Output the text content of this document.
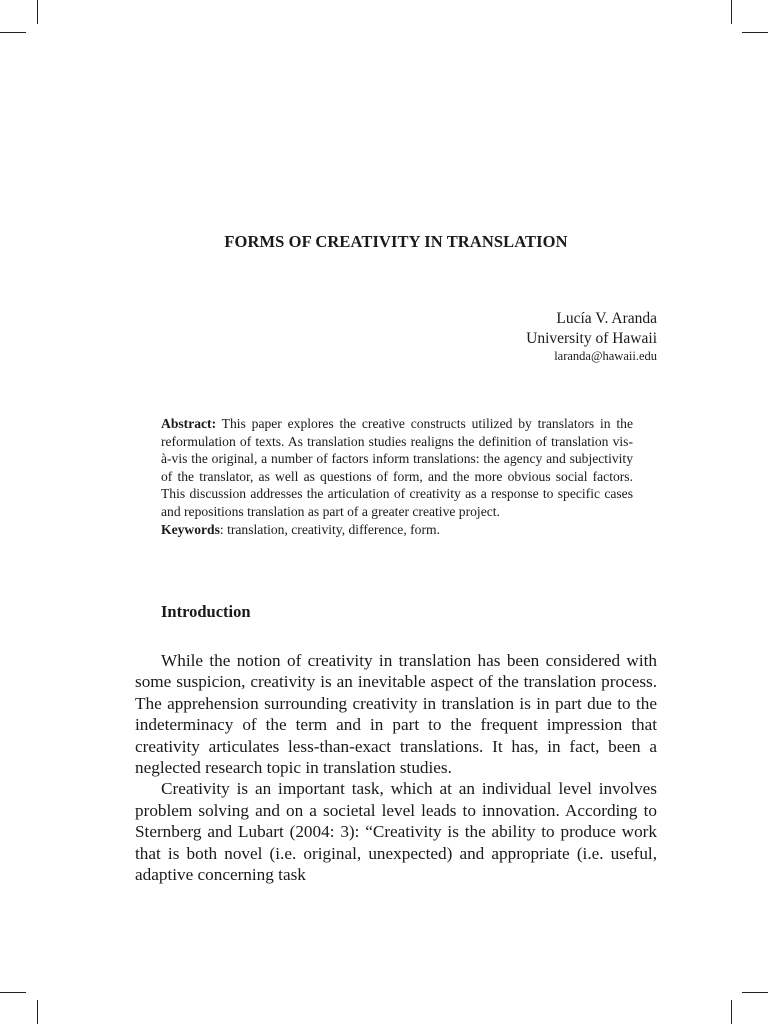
FORMS OF CREATIVITY IN TRANSLATION
Lucía V. Aranda
University of Hawaii
laranda@hawaii.edu

Abstract: This paper explores the creative constructs utilized by translators in the reformulation of texts. As translation studies realigns the definition of translation vis-à-vis the original, a number of factors inform translations: the agency and subjectivity of the translator, as well as questions of form, and the more obvious social factors. This discussion addresses the articulation of creativity as a response to specific cases and repositions translation as part of a greater creative project.

Keywords: translation, creativity, difference, form.

Introduction

While the notion of creativity in translation has been considered with some suspicion, creativity is an inevitable aspect of the translation process. The apprehension surrounding creativity in translation is in part due to the indeterminacy of the term and in part to the frequent impression that creativity articulates less-than-exact translations. It has, in fact, been a neglected research topic in translation studies.

Creativity is an important task, which at an individual level involves problem solving and on a societal level leads to innovation. According to Sternberg and Lubart (2004: 3): “Creativity is the ability to produce work that is both novel (i.e. original, unexpected) and appropriate (i.e. useful, adaptive concerning task
